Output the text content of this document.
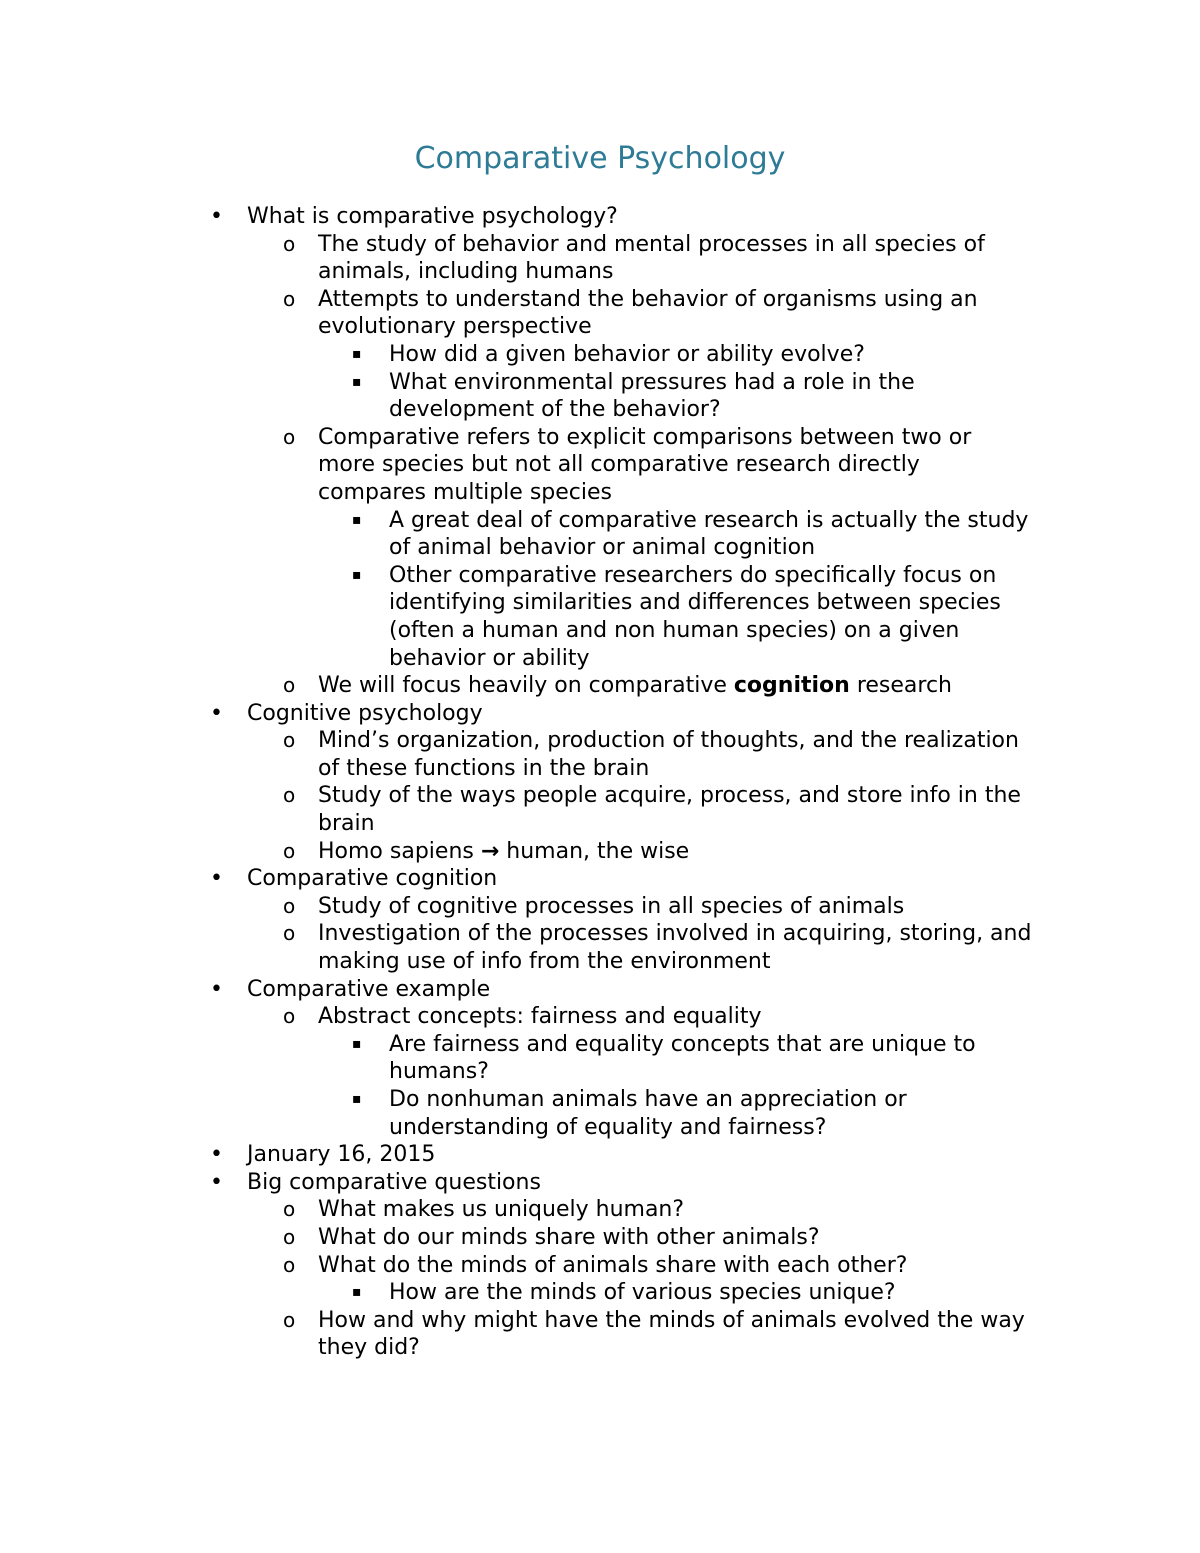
Comparative Psychology
• What is comparative psychology?
o The study of behavior and mental processes in all species of animals, including humans
o Attempts to understand the behavior of organisms using an evolutionary perspective
▪ How did a given behavior or ability evolve?
▪ What environmental pressures had a role in the development of the behavior?
o Comparative refers to explicit comparisons between two or more species but not all comparative research directly compares multiple species
▪ A great deal of comparative research is actually the study of animal behavior or animal cognition
▪ Other comparative researchers do specifically focus on identifying similarities and differences between species (often a human and non human species) on a given behavior or ability
o We will focus heavily on comparative cognition research
• Cognitive psychology
o Mind’s organization, production of thoughts, and the realization of these functions in the brain
o Study of the ways people acquire, process, and store info in the brain
o Homo sapiens → human, the wise
• Comparative cognition
o Study of cognitive processes in all species of animals
o Investigation of the processes involved in acquiring, storing, and making use of info from the environment
• Comparative example
o Abstract concepts: fairness and equality
▪ Are fairness and equality concepts that are unique to humans?
▪ Do nonhuman animals have an appreciation or understanding of equality and fairness?
• January 16, 2015
• Big comparative questions
o What makes us uniquely human?
o What do our minds share with other animals?
o What do the minds of animals share with each other?
▪ How are the minds of various species unique?
o How and why might have the minds of animals evolved the way they did?
